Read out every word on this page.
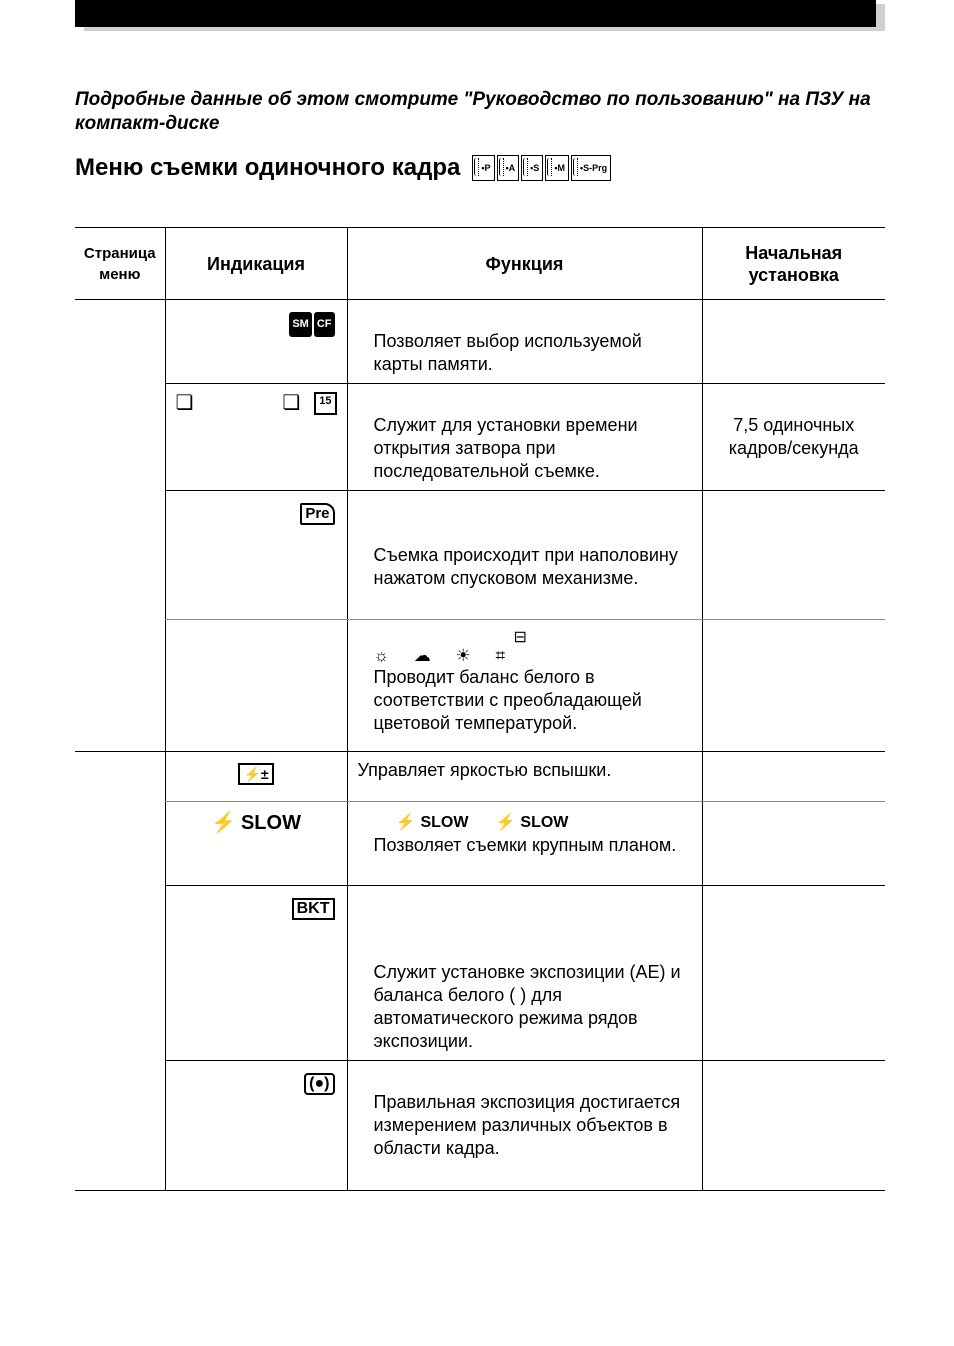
Подробные данные об этом смотрите "Руководство по пользованию" на ПЗУ на компакт-диске
Меню съемки одиночного кадра	•P	•A	•S	•M	•S-Prg
Страница меню	Индикация	Функция	Начальная установка
	SM CF	Позволяет выбор используемой карты памяти.	

	❏ ❏ 15	Служит для установки времени открытия затвора при последовательной съемке.	7,5 одиночных кадров/секунда

	Pre	Съемка происходит при наполовину нажатом спусковом механизме.	

		⊟
☼ ☁ ☀ ⌗
Проводит баланс белого в соответствии с преобладающей цветовой температурой.	

	⚡±	Управляет яркостью вспышки.	

	⚡ SLOW	⚡ SLOW ⚡ SLOW
Позволяет съемки крупным планом.	

	BKT	Служит установке экспозиции (AE) и баланса белого ( ) для автоматического режима рядов экспозиции.	

	(●)	Правильная экспозиция достигается измерением различных объектов в области кадра.	
